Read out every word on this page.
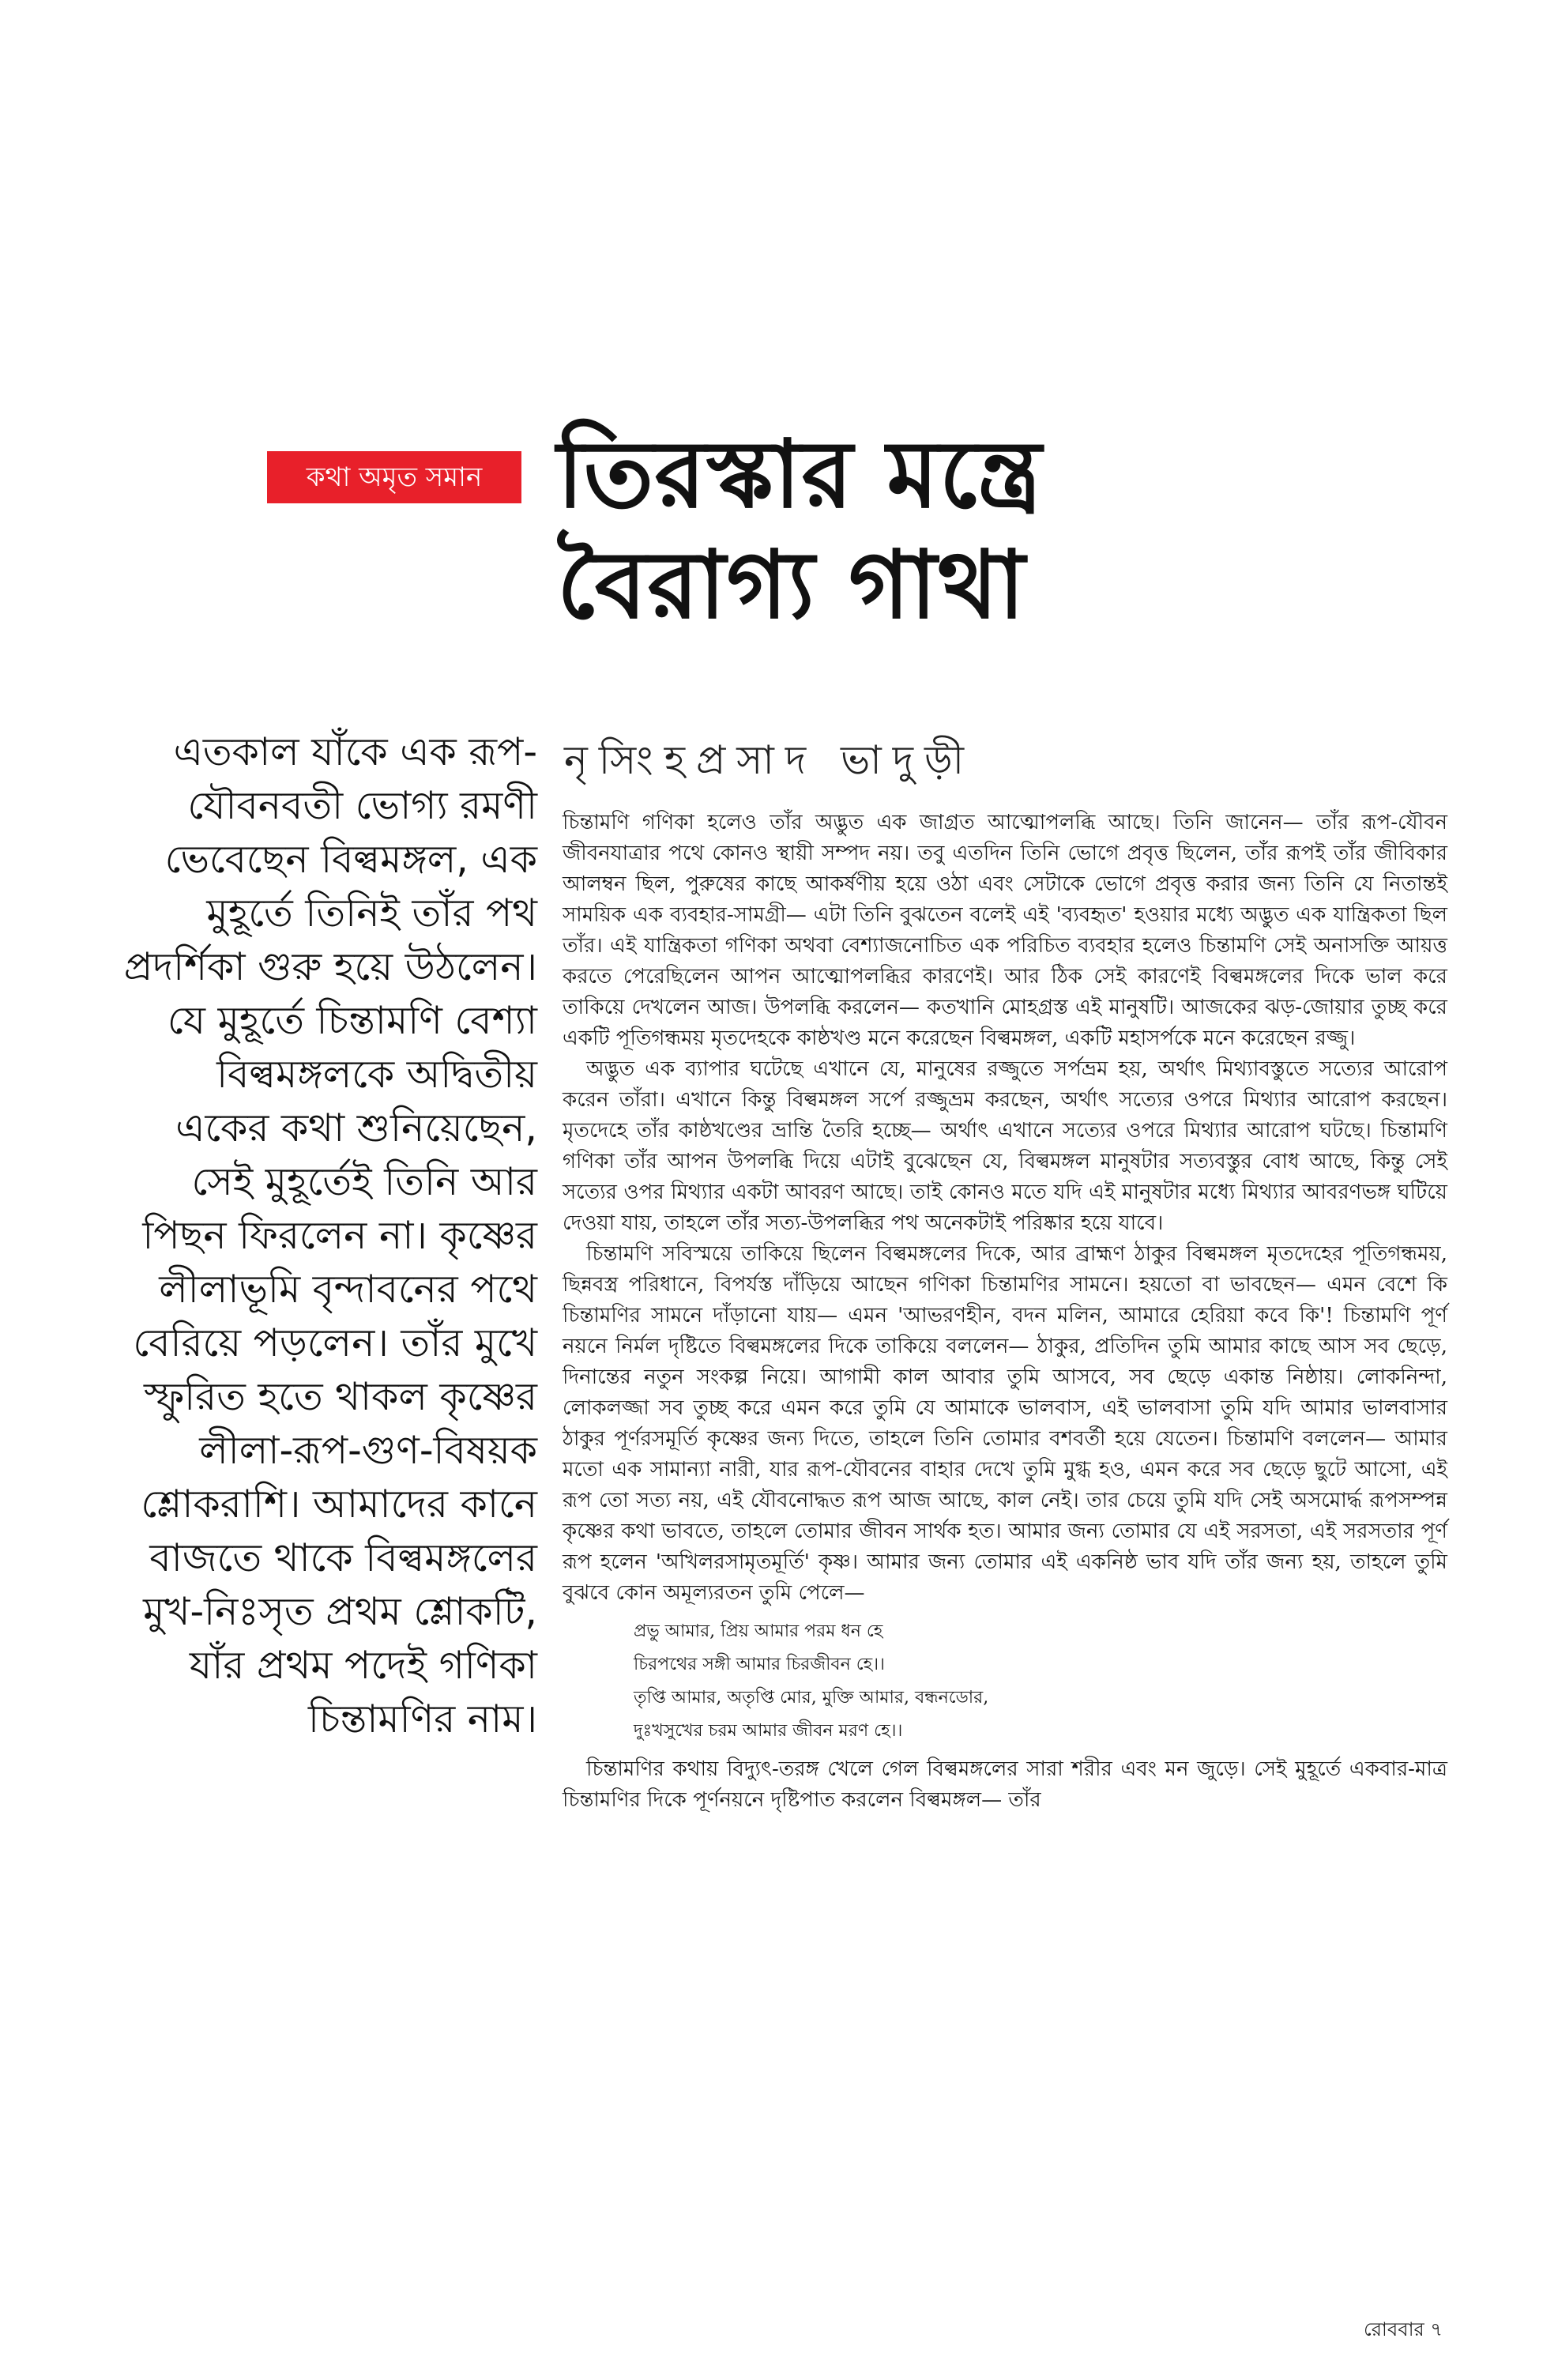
কথা অমৃত সমান তিরস্কার মন্ত্রে
বৈরাগ্য গাথা
নৃসিংহপ্রসাদ ভাদুড়ী
এতকাল যাঁকে এক রূপ-যৌবনবতী ভোগ্য রমণী ভেবেছেন বিল্বমঙ্গল, এক মুহূর্তে তিনিই তাঁর পথ প্রদর্শিকা গুরু হয়ে উঠলেন। যে মুহূর্তে চিন্তামণি বেশ্যা বিল্বমঙ্গলকে অদ্বিতীয় একের কথা শুনিয়েছেন, সেই মুহূর্তেই তিনি আর পিছন ফিরলেন না। কৃষ্ণের লীলাভূমি বৃন্দাবনের পথে বেরিয়ে পড়লেন। তাঁর মুখে স্ফুরিত হতে থাকল কৃষ্ণের লীলা-রূপ-গুণ-বিষয়ক শ্লোকরাশি। আমাদের কানে বাজতে থাকে বিল্বমঙ্গলের মুখ-নিঃসৃত প্রথম শ্লোকটি, যাঁর প্রথম পদেই গণিকা চিন্তামণির নাম।

চিন্তামণি গণিকা হলেও তাঁর অদ্ভুত এক জাগ্রত আত্মোপলব্ধি আছে। তিনি জানেন— তাঁর রূপ-যৌবন জীবনযাত্রার পথে কোনও স্থায়ী সম্পদ নয়। তবু এতদিন তিনি ভোগে প্রবৃত্ত ছিলেন, তাঁর রূপই তাঁর জীবিকার আলম্বন ছিল, পুরুষের কাছে আকর্ষণীয় হয়ে ওঠা এবং সেটাকে ভোগে প্রবৃত্ত করার জন্য তিনি যে নিতান্তই সাময়িক এক ব্যবহার-সামগ্রী— এটা তিনি বুঝতেন বলেই এই 'ব্যবহৃত' হওয়ার মধ্যে অদ্ভুত এক যান্ত্রিকতা ছিল তাঁর। এই যান্ত্রিকতা গণিকা অথবা বেশ্যাজনোচিত এক পরিচিত ব্যবহার হলেও চিন্তামণি সেই অনাসক্তি আয়ত্ত করতে পেরেছিলেন আপন আত্মোপলব্ধির কারণেই। আর ঠিক সেই কারণেই বিল্বমঙ্গলের দিকে ভাল করে তাকিয়ে দেখলেন আজ। উপলব্ধি করলেন— কতখানি মোহগ্রস্ত এই মানুষটি। আজকের ঝড়-জোয়ার তুচ্ছ করে একটি পূতিগন্ধময় মৃতদেহকে কাষ্ঠখণ্ড মনে করেছেন বিল্বমঙ্গল, একটি মহাসর্পকে মনে করেছেন রজ্জু।

অদ্ভুত এক ব্যাপার ঘটেছে এখানে যে, মানুষের রজ্জুতে সর্পভ্রম হয়, অর্থাৎ মিথ্যাবস্তুতে সত্যের আরোপ করেন তাঁরা। এখানে কিন্তু বিল্বমঙ্গল সর্পে রজ্জুভ্রম করছেন, অর্থাৎ সত্যের ওপরে মিথ্যার আরোপ করছেন। মৃতদেহে তাঁর কাষ্ঠখণ্ডের ভ্রান্তি তৈরি হচ্ছে— অর্থাৎ এখানে সত্যের ওপরে মিথ্যার আরোপ ঘটছে। চিন্তামণি গণিকা তাঁর আপন উপলব্ধি দিয়ে এটাই বুঝেছেন যে, বিল্বমঙ্গল মানুষটার সত্যবস্তুর বোধ আছে, কিন্তু সেই সত্যের ওপর মিথ্যার একটা আবরণ আছে। তাই কোনও মতে যদি এই মানুষটার মধ্যে মিথ্যার আবরণভঙ্গ ঘটিয়ে দেওয়া যায়, তাহলে তাঁর সত্য-উপলব্ধির পথ অনেকটাই পরিষ্কার হয়ে যাবে।

চিন্তামণি সবিস্ময়ে তাকিয়ে ছিলেন বিল্বমঙ্গলের দিকে, আর ব্রাহ্মণ ঠাকুর বিল্বমঙ্গল মৃতদেহের পূতিগন্ধময়, ছিন্নবস্ত্র পরিধানে, বিপর্যস্ত দাঁড়িয়ে আছেন গণিকা চিন্তামণির সামনে। হয়তো বা ভাবছেন— এমন বেশে কি চিন্তামণির সামনে দাঁড়ানো যায়— এমন 'আভরণহীন, বদন মলিন, আমারে হেরিয়া কবে কি'! চিন্তামণি পূর্ণ নয়নে নির্মল দৃষ্টিতে বিল্বমঙ্গলের দিকে তাকিয়ে বললেন— ঠাকুর, প্রতিদিন তুমি আমার কাছে আস সব ছেড়ে, দিনান্তের নতুন সংকল্প নিয়ে। আগামী কাল আবার তুমি আসবে, সব ছেড়ে একান্ত নিষ্ঠায়। লোকনিন্দা, লোকলজ্জা সব তুচ্ছ করে এমন করে তুমি যে আমাকে ভালবাস, এই ভালবাসা তুমি যদি আমার ভালবাসার ঠাকুর পূর্ণরসমূর্তি কৃষ্ণের জন্য দিতে, তাহলে তিনি তোমার বশবর্তী হয়ে যেতেন। চিন্তামণি বললেন— আমার মতো এক সামান্যা নারী, যার রূপ-যৌবনের বাহার দেখে তুমি মুগ্ধ হও, এমন করে সব ছেড়ে ছুটে আসো, এই রূপ তো সত্য নয়, এই যৌবনোদ্ধত রূপ আজ আছে, কাল নেই। তার চেয়ে তুমি যদি সেই অসমোর্দ্ধ রূপসম্পন্ন কৃষ্ণের কথা ভাবতে, তাহলে তোমার জীবন সার্থক হত। আমার জন্য তোমার যে এই সরসতা, এই সরসতার পূর্ণ রূপ হলেন 'অখিলরসামৃতমূর্তি' কৃষ্ণ। আমার জন্য তোমার এই একনিষ্ঠ ভাব যদি তাঁর জন্য হয়, তাহলে তুমি বুঝবে কোন অমূল্যরতন তুমি পেলে—

প্রভু আমার, প্রিয় আমার পরম ধন হে
চিরপথের সঙ্গী আমার চিরজীবন হে।।
তৃপ্তি আমার, অতৃপ্তি মোর, মুক্তি আমার, বন্ধনডোর,
দুঃখসুখের চরম আমার জীবন মরণ হে।।

চিন্তামণির কথায় বিদ্যুৎ-তরঙ্গ খেলে গেল বিল্বমঙ্গলের সারা শরীর এবং মন জুড়ে। সেই মুহূর্তে একবার-মাত্র চিন্তামণির দিকে পূর্ণনয়নে দৃষ্টিপাত করলেন বিল্বমঙ্গল— তাঁর

রোববার ৭
